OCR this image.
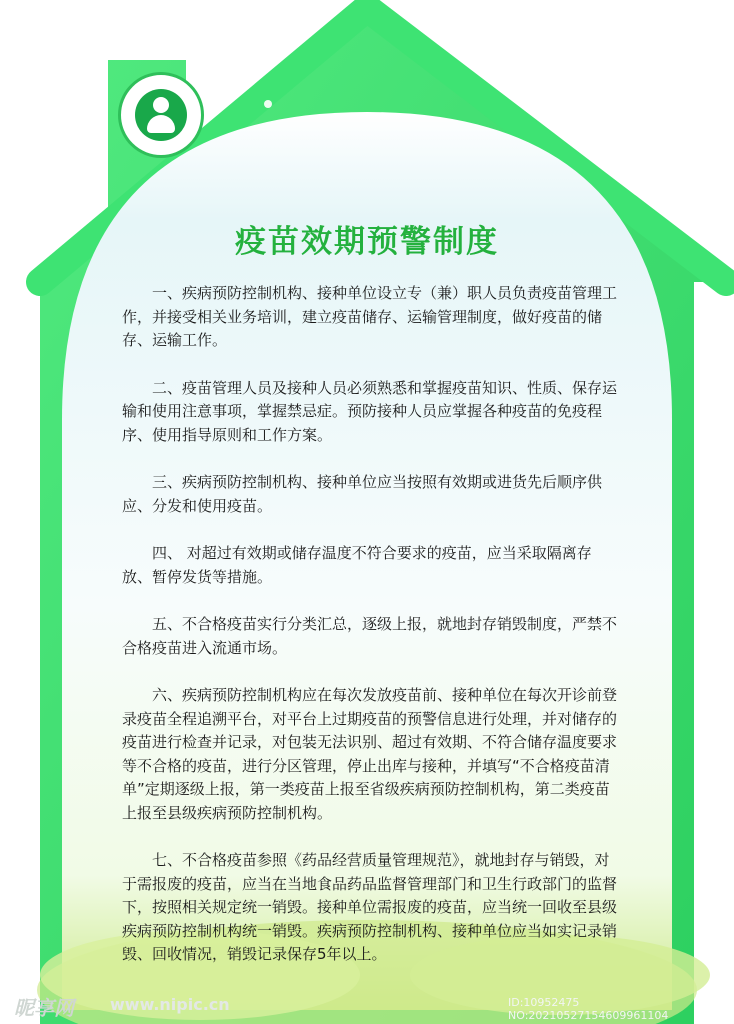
疫苗效期预警制度

一、疾病预防控制机构、接种单位设立专（兼）职人员负责疫苗管理工作，并接受相关业务培训，建立疫苗储存、运输管理制度，做好疫苗的储存、运输工作。

二、疫苗管理人员及接种人员必须熟悉和掌握疫苗知识、性质、保存运输和使用注意事项，掌握禁忌症。预防接种人员应掌握各种疫苗的免疫程序、使用指导原则和工作方案。

三、疾病预防控制机构、接种单位应当按照有效期或进货先后顺序供应、分发和使用疫苗。

四、 对超过有效期或储存温度不符合要求的疫苗，应当采取隔离存放、暂停发货等措施。

五、不合格疫苗实行分类汇总，逐级上报，就地封存销毁制度，严禁不合格疫苗进入流通市场。

六、疾病预防控制机构应在每次发放疫苗前、接种单位在每次开诊前登录疫苗全程追溯平台，对平台上过期疫苗的预警信息进行处理，并对储存的疫苗进行检查并记录，对包装无法识别、超过有效期、不符合储存温度要求等不合格的疫苗，进行分区管理，停止出库与接种，并填写“不合格疫苗清单”定期逐级上报，第一类疫苗上报至省级疾病预防控制机构，第二类疫苗上报至县级疾病预防控制机构。

七、不合格疫苗参照《药品经营质量管理规范》，就地封存与销毁，对于需报废的疫苗，应当在当地食品药品监督管理部门和卫生行政部门的监督下，按照相关规定统一销毁。接种单位需报废的疫苗，应当统一回收至县级疾病预防控制机构统一销毁。疾病预防控制机构、接种单位应当如实记录销毁、回收情况，销毁记录保存5年以上。

昵享网 www.nipic.cn	ID:10952475 NO:20210527154609961104
